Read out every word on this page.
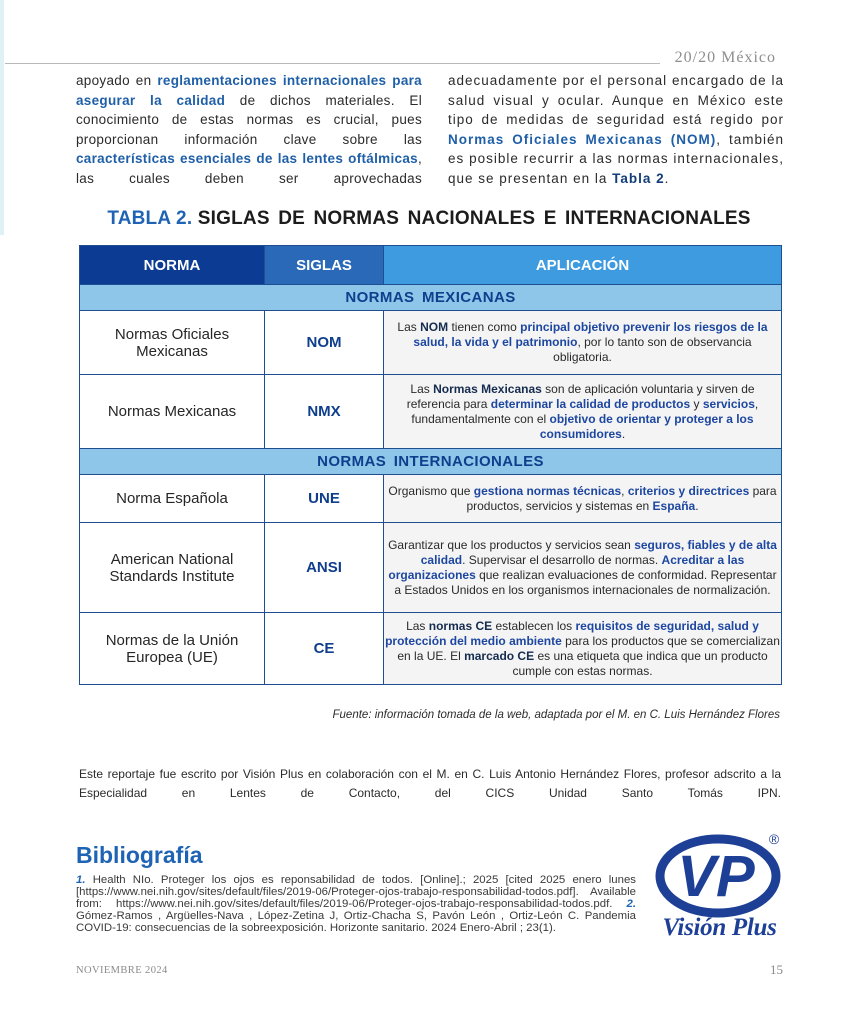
20/20 México
apoyado en reglamentaciones internacionales para asegurar la calidad de dichos materiales. El conocimiento de estas normas es crucial, pues proporcionan información clave sobre las características esenciales de las lentes oftálmicas, las cuales deben ser aprovechadas
adecuadamente por el personal encargado de la salud visual y ocular. Aunque en México este tipo de medidas de seguridad está regido por Normas Oficiales Mexicanas (NOM), también es posible recurrir a las normas internacionales, que se presentan en la Tabla 2.
TABLA 2. SIGLAS DE NORMAS NACIONALES E INTERNACIONALES
NORMA	SIGLAS	APLICACIÓN
NORMAS MEXICANAS		
Normas Oficiales Mexicanas	NOM	Las NOM tienen como principal objetivo prevenir los riesgos de la salud, la vida y el patrimonio, por lo tanto son de observancia obligatoria.
Normas Mexicanas	NMX	Las Normas Mexicanas son de aplicación voluntaria y sirven de referencia para determinar la calidad de productos y servicios, fundamentalmente con el objetivo de orientar y proteger a los consumidores.
NORMAS INTERNACIONALES		
Norma Española	UNE	Organismo que gestiona normas técnicas, criterios y directrices para productos, servicios y sistemas en España.
American National Standards Institute	ANSI	Garantizar que los productos y servicios sean seguros, fiables y de alta calidad. Supervisar el desarrollo de normas. Acreditar a las organizaciones que realizan evaluaciones de conformidad. Representar a Estados Unidos en los organismos internacionales de normalización.
Normas de la Unión Europea (UE)	CE	Las normas CE establecen los requisitos de seguridad, salud y protección del medio ambiente para los productos que se comercializan en la UE. El marcado CE es una etiqueta que indica que un producto cumple con estas normas.
Fuente: información tomada de la web, adaptada por el M. en C. Luis Hernández Flores
Este reportaje fue escrito por Visión Plus en colaboración con el M. en C. Luis Antonio Hernández Flores, profesor adscrito a la Especialidad en Lentes de Contacto, del CICS Unidad Santo Tomás IPN.
Bibliografía
1. Health NIo. Proteger los ojos es reponsabilidad de todos. [Online].; 2025 [cited 2025 enero lunes [https://www.nei.nih.gov/sites/default/files/2019-06/Proteger-ojos-trabajo-responsabilidad-todos.pdf]. Available from: https://www.nei.nih.gov/sites/default/files/2019-06/Proteger-ojos-trabajo-responsabilidad-todos.pdf. 2. Gómez-Ramos , Argüelles-Nava , López-Zetina J, Ortiz-Chacha S, Pavón León , Ortiz-León C. Pandemia COVID-19: consecuencias de la sobreexposición. Horizonte sanitario. 2024 Enero-Abril ; 23(1).
VP
®
Visión Plus
NOVIEMBRE 2024	15
